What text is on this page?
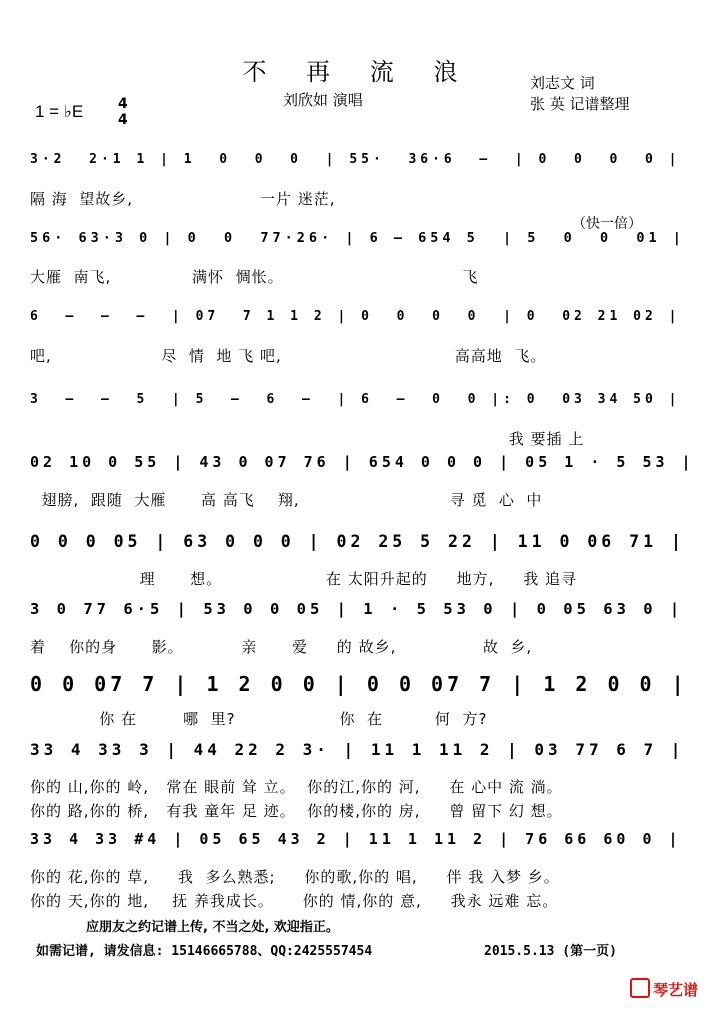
不 再 流 浪
刘欣如 演唱
刘志文 词
张 英 记谱整理
1 = ♭E 4
4
（快一倍）
3·2  2·1 1 | 1  0  0  0  | 55·  36·6  —  | 0  0  0  0 |
隔 海  望故乡,                      一片 迷茫,
56· 63·3 0 | 0  0  77·26· | 6 — 654 5  | 5  0  0  01 |
大雁  南飞,              满怀  惆怅。                               飞
6  —  —  —  | 07  7 1 1 2 | 0  0  0  0  | 0  02 21 02 |
吧,                   尽  情  地 飞 吧,                              高高地  飞。
3  —  —  5  | 5  —  6  —  | 6  —  0  0 |: 0  03 34 50 |
我 要插 上
02 10 0 55 | 43 0 07 76 | 654 0 0 0 | 05 1 · 5 53 |
翅膀,  跟随  大雁      高 高飞    翔,                          寻 觅  心  中
0 0 0 05 | 63 0 0 0 | 02 25 5 22 | 11 0 06 71 |
理      想。                  在 太阳升起的     地方,     我 追寻
3 0 77 6·5 | 53 0 0 05 | 1 · 5 53 0 | 0 05 63 0 |
着    你的身      影。          亲      爱     的 故乡,               故  乡,
0 0 07 7 | 1 2 0 0 | 0 0 07 7 | 1 2 0 0 |
你 在        哪  里?                  你  在         何  方?
33 4 33 3 | 44 22 2 3· | 11 1 11 2 | 03 77 6 7 |
你的 山,你的 岭,   常在 眼前 耸 立。  你的江,你的 河,     在 心中 流 淌。
你的 路,你的 桥,   有我 童年 足 迹。  你的楼,你的 房,     曾 留下 幻 想。
33 4 33 #4 | 05 65 43 2 | 11 1 11 2 | 76 66 60 0 |
你的 花,你的 草,     我  多么熟悉;     你的歌,你的 唱,     伴 我 入梦 乡。
你的 天,你的 地,    抚 养我成长。     你的 情,你的 意,     我永 远难 忘。
应朋友之约记谱上传, 不当之处, 欢迎指正。
如需记谱, 请发信息: 15146665788、QQ:2425557454	2015.5.13 (第一页)
琴艺谱
